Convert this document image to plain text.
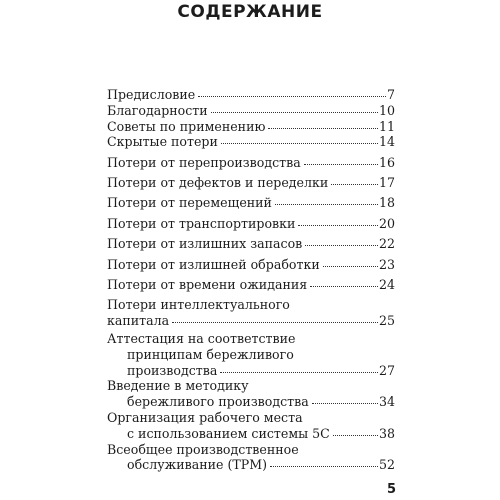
СОДЕРЖАНИЕ
Предисловие	7
Благодарности	10
Советы по применению	11
Скрытые потери	14
Потери от перепроизводства	16
Потери от дефектов и переделки	17
Потери от перемещений	18
Потери от транспортировки	20
Потери от излишних запасов	22
Потери от излишней обработки	23
Потери от времени ожидания	24
Потери интеллектуального
капитала	25
Аттестация на соответствие
принципам бережливого
производства	27
Введение в методику
бережливого производства	34
Организация рабочего места
с использованием системы 5С	38
Всеобщее производственное
обслуживание (TPM)	52
5
